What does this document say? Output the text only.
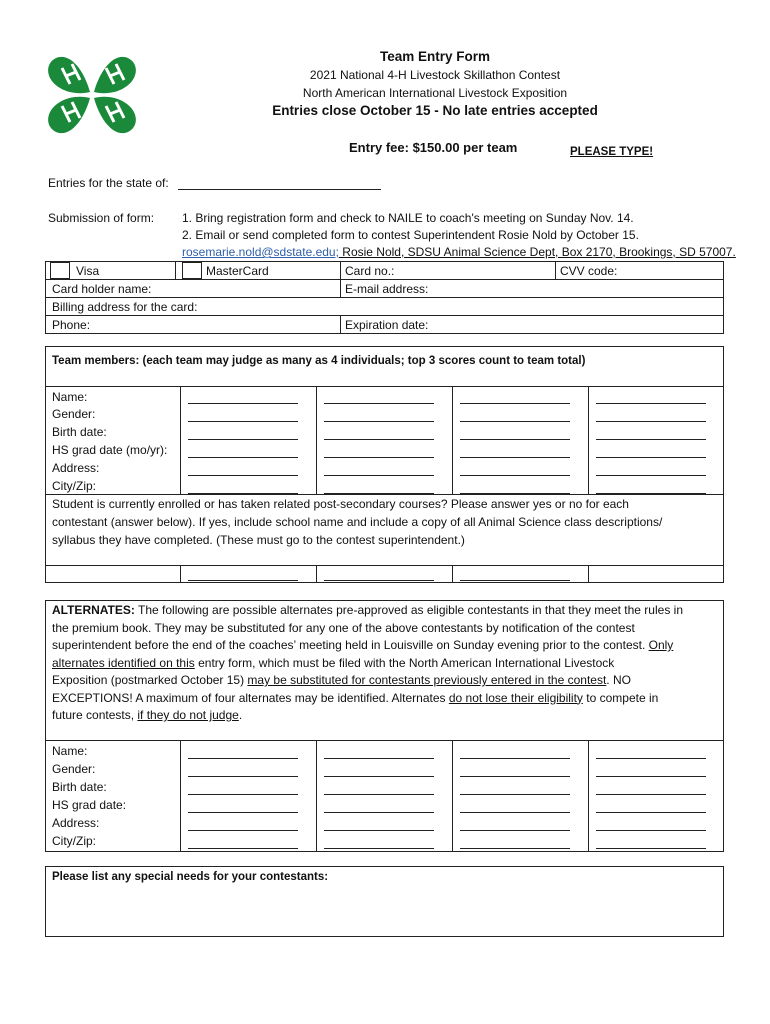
Team Entry Form
2021 National 4-H Livestock Skillathon Contest
North American International Livestock Exposition
Entries close October 15 - No late entries accepted
Entry fee: $150.00 per team	PLEASE TYPE!
Entries for the state of:
Submission of form: 1. Bring registration form and check to NAILE to coach's meeting on Sunday Nov. 14.
2. Email or send completed form to contest Superintendent Rosie Nold by October 15.
rosemarie.nold@sdstate.edu; Rosie Nold, SDSU Animal Science Dept, Box 2170, Brookings, SD 57007.
Visa	MasterCard	Card no.:	CVV code:
Card holder name:	E-mail address:
Billing address for the card:
Phone:	Expiration date:
Team members: (each team may judge as many as 4 individuals; top 3 scores count to team total)
Name:
Gender:
Birth date:
HS grad date (mo/yr):
Address:
City/Zip:
Student is currently enrolled or has taken related post-secondary courses? Please answer yes or no for each
contestant (answer below). If yes, include school name and include a copy of all Animal Science class descriptions/
syllabus they have completed. (These must go to the contest superintendent.)
ALTERNATES: The following are possible alternates pre-approved as eligible contestants in that they meet the rules in
the premium book. They may be substituted for any one of the above contestants by notification of the contest
superintendent before the end of the coaches’ meeting held in Louisville on Sunday evening prior to the contest. Only
alternates identified on this entry form, which must be filed with the North American International Livestock
Exposition (postmarked October 15) may be substituted for contestants previously entered in the contest. NO
EXCEPTIONS! A maximum of four alternates may be identified. Alternates do not lose their eligibility to compete in
future contests, if they do not judge.
Name:
Gender:
Birth date:
HS grad date:
Address:
City/Zip:
Please list any special needs for your contestants:
